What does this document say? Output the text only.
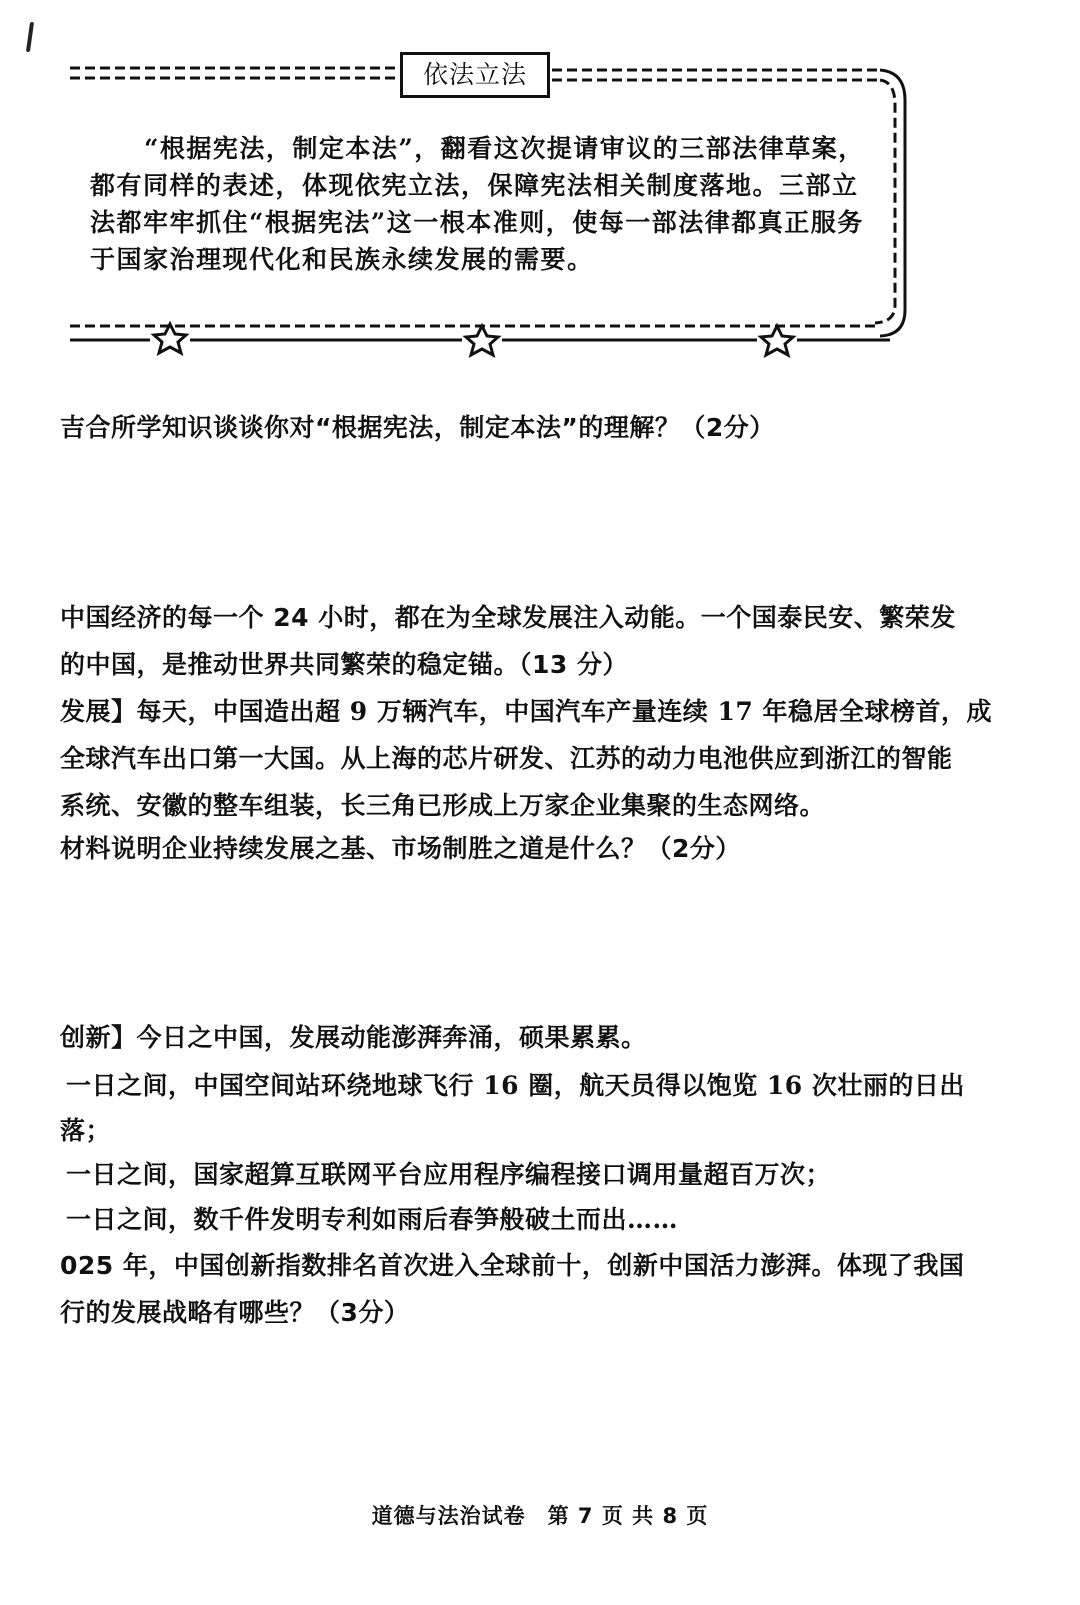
依法立法

“根据宪法，制定本法”，翻看这次提请审议的三部法律草案，都有同样的表述，体现依宪立法，保障宪法相关制度落地。三部立法都牢牢抓住“根据宪法”这一根本准则，使每一部法律都真正服务于国家治理现代化和民族永续发展的需要。

吉合所学知识谈谈你对“根据宪法，制定本法”的理解？（2分）

中国经济的每一个 24 小时，都在为全球发展注入动能。一个国泰民安、繁荣发

的中国，是推动世界共同繁荣的稳定锚。（13 分）

发展】每天，中国造出超 9 万辆汽车，中国汽车产量连续 17 年稳居全球榜首，成

全球汽车出口第一大国。从上海的芯片研发、江苏的动力电池供应到浙江的智能

系统、安徽的整车组装，长三角已形成上万家企业集聚的生态网络。

材料说明企业持续发展之基、市场制胜之道是什么？（2分）

创新】今日之中国，发展动能澎湃奔涌，硕果累累。

一日之间，中国空间站环绕地球飞行 16 圈，航天员得以饱览 16 次壮丽的日出

落；

一日之间，国家超算互联网平台应用程序编程接口调用量超百万次；

一日之间，数千件发明专利如雨后春笋般破土而出……

025 年，中国创新指数排名首次进入全球前十，创新中国活力澎湃。体现了我国

行的发展战略有哪些？（3分）

道德与法治试卷　第 7 页 共 8 页
